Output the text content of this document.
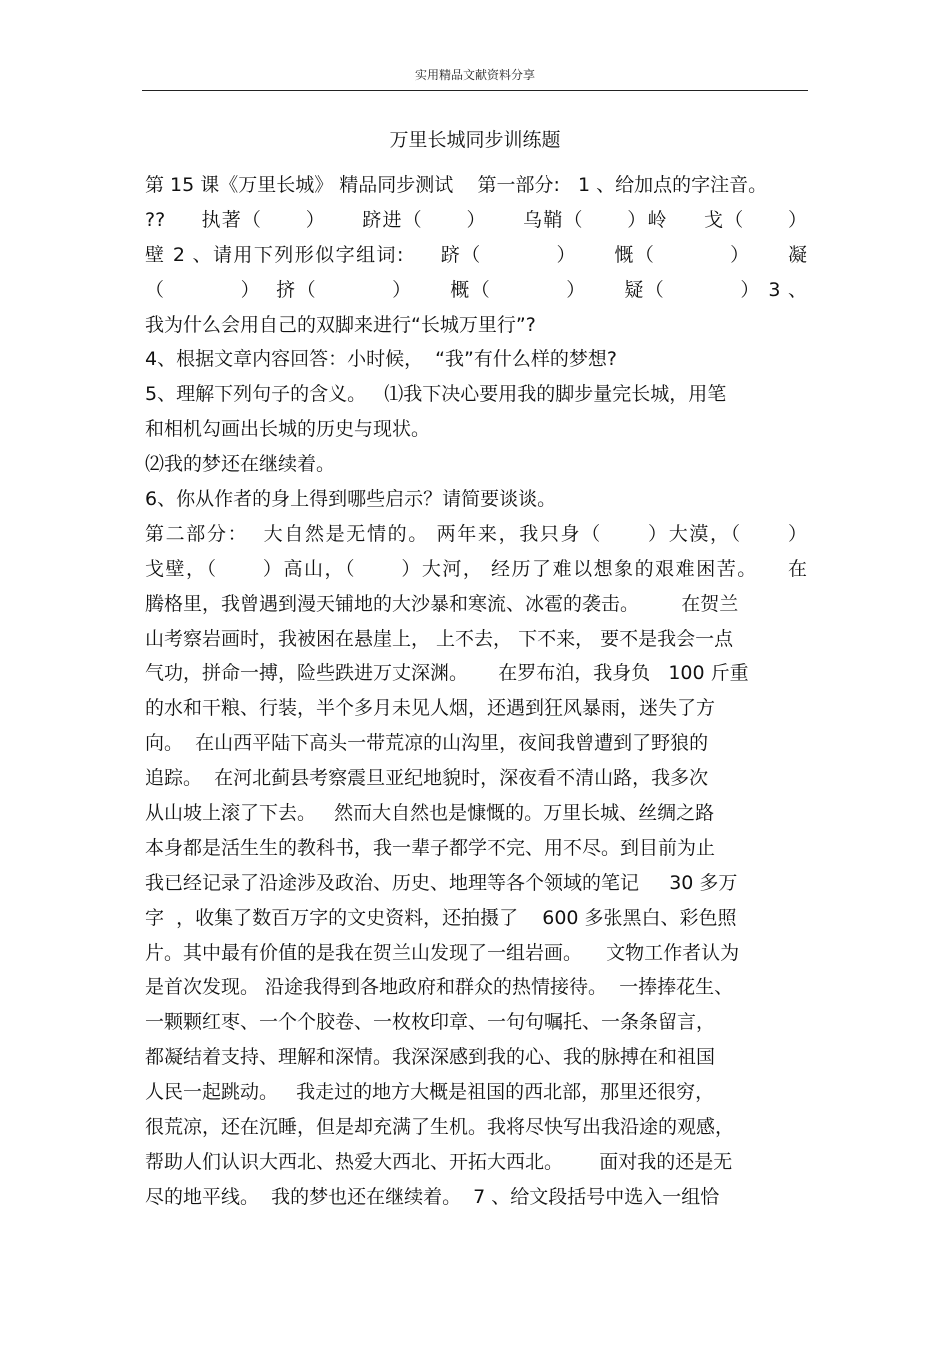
实用精品文献资料分享
万里长城同步训练题
第 15 课《万里长城》 精品同步测试    第一部分:   1 、给加点的字注音。
??     执著（      ）     跻进（      ）     乌鞘（      ）岭     戈（      ）
壁 2 、请用下列形似字组词:     跻（          ）     慨（          ）     凝
（          ）  挤（          ）     概（          ）     疑（          ） 3 、
我为什么会用自己的双脚来进行“长城万里行”?
4、根据文章内容回答：小时候，  “我”有什么样的梦想?
5、理解下列句子的含义。   ⑴我下决心要用我的脚步量完长城，用笔
和相机勾画出长城的历史与现状。
⑵我的梦还在继续着。
6、你从作者的身上得到哪些启示？请简要谈谈。
第二部分：  大自然是无情的。 两年来，我只身（      ）大漠，（      ）
戈壁，（      ）高山，（      ）大河， 经历了难以想象的艰难困苦。    在
腾格里，我曾遇到漫天铺地的大沙暴和寒流、冰雹的袭击。       在贺兰
山考察岩画时，我被困在悬崖上， 上不去， 下不来， 要不是我会一点
气功，拼命一搏，险些跌进万丈深渊。     在罗布泊，我身负   100 斤重
的水和干粮、行装，半个多月未见人烟，还遇到狂风暴雨，迷失了方
向。  在山西平陆下高头一带荒凉的山沟里，夜间我曾遭到了野狼的
追踪。  在河北蓟县考察震旦亚纪地貌时，深夜看不清山路，我多次
从山坡上滚了下去。   然而大自然也是慷慨的。万里长城、丝绸之路
本身都是活生生的教科书，我一辈子都学不完、用不尽。到目前为止
我已经记录了沿途涉及政治、历史、地理等各个领域的笔记     30 多万
字  ，收集了数百万字的文史资料，还拍摄了    600 多张黑白、彩色照
片。其中最有价值的是我在贺兰山发现了一组岩画。    文物工作者认为
是首次发现。 沿途我得到各地政府和群众的热情接待。  一捧捧花生、
一颗颗红枣、一个个胶卷、一枚枚印章、一句句嘱托、一条条留言，
都凝结着支持、理解和深情。我深深感到我的心、我的脉搏在和祖国
人民一起跳动。   我走过的地方大概是祖国的西北部，那里还很穷，
很荒凉，还在沉睡，但是却充满了生机。我将尽快写出我沿途的观感，
帮助人们认识大西北、热爱大西北、开拓大西北。      面对我的还是无
尽的地平线。  我的梦也还在继续着。  7 、给文段括号中选入一组恰
